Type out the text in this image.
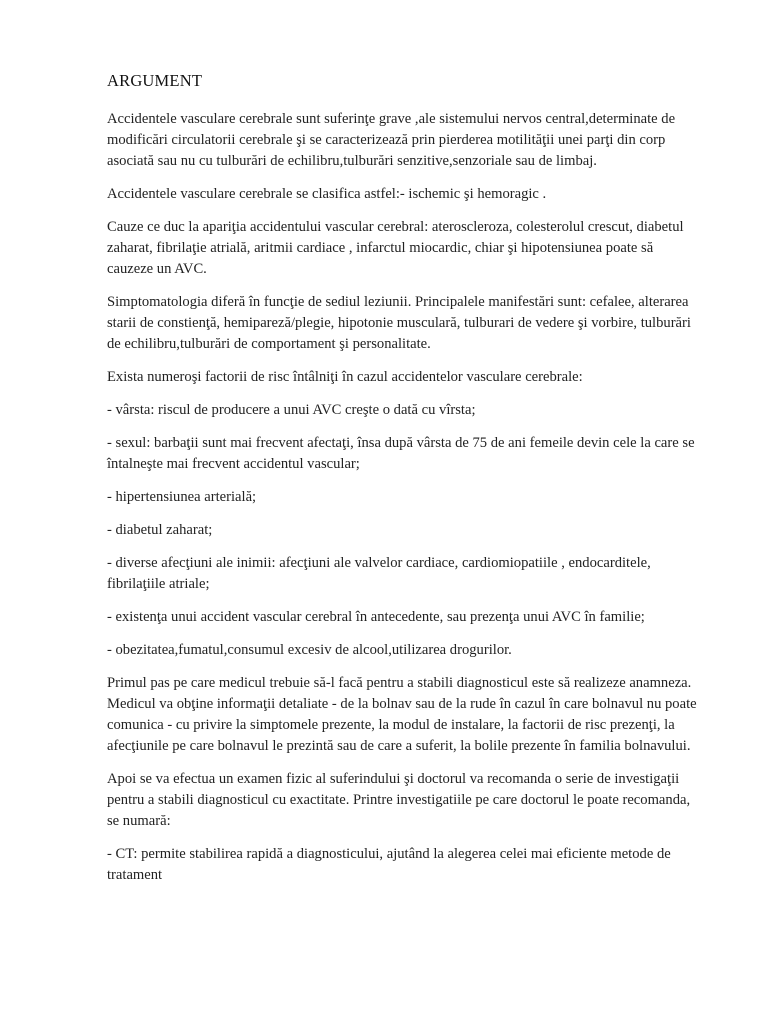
ARGUMENT

Accidentele vasculare cerebrale sunt suferinţe grave ,ale sistemului nervos central,determinate de modificări circulatorii cerebrale şi se caracterizează prin pierderea motilităţii unei parţi din corp asociată sau nu cu tulburări de echilibru,tulburări senzitive,senzoriale sau de limbaj.

Accidentele vasculare cerebrale se clasifica astfel:- ischemic şi hemoragic .

Cauze ce duc la apariţia accidentului vascular cerebral: ateroscleroza, colesterolul crescut, diabetul zaharat, fibrilaţie atrială, aritmii cardiace , infarctul miocardic, chiar şi hipotensiunea poate să cauzeze un AVC.

Simptomatologia diferă în funcţie de sediul leziunii. Principalele manifestări sunt: cefalee, alterarea starii de constienţă, hemipareză/plegie, hipotonie musculară, tulburari de vedere şi vorbire, tulburări de echilibru,tulburări de comportament şi personalitate.

Exista numeroşi factorii de risc întâlniţi în cazul accidentelor vasculare cerebrale:

- vârsta: riscul de producere a unui AVC creşte o dată cu vîrsta;

- sexul: barbaţii sunt mai frecvent afectaţi, însa după vârsta de 75 de ani femeile devin cele la care se întalneşte mai frecvent accidentul vascular;

- hipertensiunea arterială;

- diabetul zaharat;

- diverse afecţiuni ale inimii: afecţiuni ale valvelor cardiace, cardiomiopatiile , endocarditele, fibrilaţiile atriale;

- existenţa unui accident vascular cerebral în antecedente, sau prezenţa unui AVC în familie;

- obezitatea,fumatul,consumul excesiv de alcool,utilizarea drogurilor.

Primul pas pe care medicul trebuie să-l facă pentru a stabili diagnosticul este să realizeze anamneza. Medicul va obţine informaţii detaliate - de la bolnav sau de la rude în cazul în care bolnavul nu poate comunica - cu privire la simptomele prezente, la modul de instalare, la factorii de risc prezenţi, la afecţiunile pe care bolnavul le prezintă sau de care a suferit, la bolile prezente în familia bolnavului.

Apoi se va efectua un examen fizic al suferindului şi doctorul va recomanda o serie de investigaţii pentru a stabili diagnosticul cu exactitate. Printre investigatiile pe care doctorul le poate recomanda, se numară:

- CT: permite stabilirea rapidă a diagnosticului, ajutând la alegerea celei mai eficiente metode de tratament
